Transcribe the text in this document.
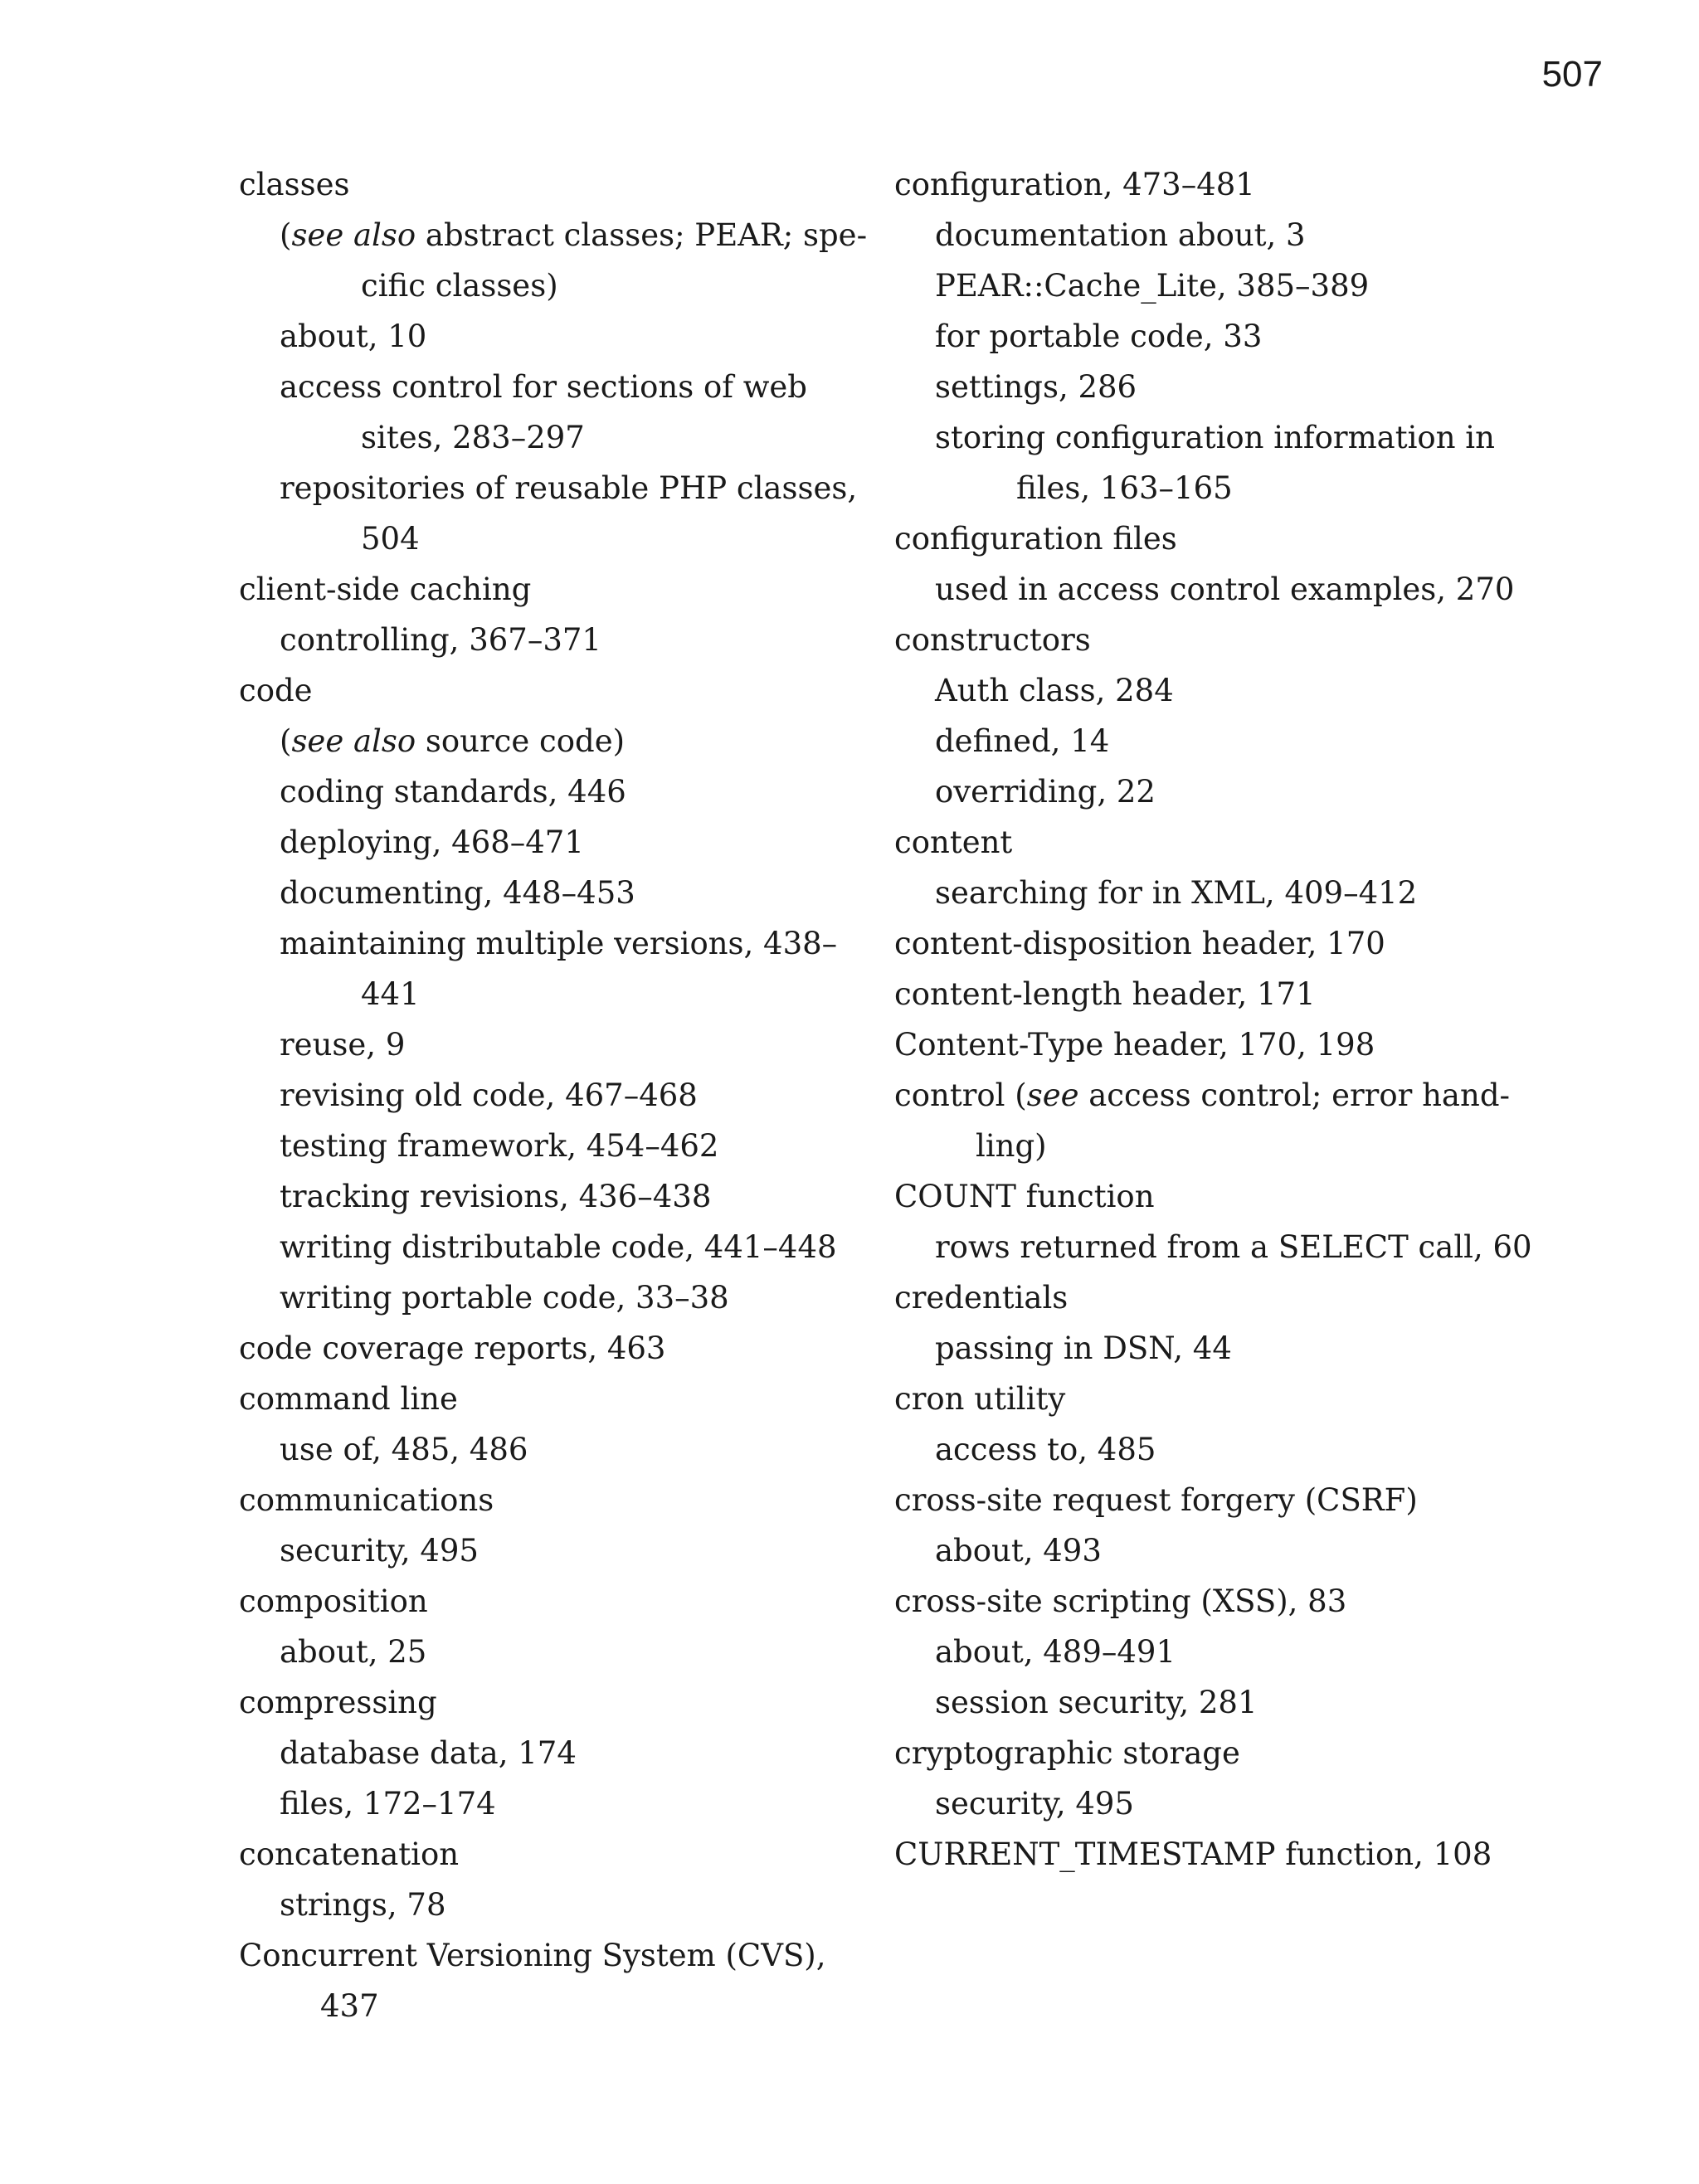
507
classes
(see also abstract classes; PEAR; spe-
cific classes)
about, 10
access control for sections of web
sites, 283–297
repositories of reusable PHP classes,
504
client-side caching
controlling, 367–371
code
(see also source code)
coding standards, 446
deploying, 468–471
documenting, 448–453
maintaining multiple versions, 438–
441
reuse, 9
revising old code, 467–468
testing framework, 454–462
tracking revisions, 436–438
writing distributable code, 441–448
writing portable code, 33–38
code coverage reports, 463
command line
use of, 485, 486
communications
security, 495
composition
about, 25
compressing
database data, 174
files, 172–174
concatenation
strings, 78
Concurrent Versioning System (CVS),
437
configuration, 473–481
documentation about, 3
PEAR::Cache_Lite, 385–389
for portable code, 33
settings, 286
storing configuration information in
files, 163–165
configuration files
used in access control examples, 270
constructors
Auth class, 284
defined, 14
overriding, 22
content
searching for in XML, 409–412
content-disposition header, 170
content-length header, 171
Content-Type header, 170, 198
control (see access control; error hand-
ling)
COUNT function
rows returned from a SELECT call, 60
credentials
passing in DSN, 44
cron utility
access to, 485
cross-site request forgery (CSRF)
about, 493
cross-site scripting (XSS), 83
about, 489–491
session security, 281
cryptographic storage
security, 495
CURRENT_TIMESTAMP function, 108
